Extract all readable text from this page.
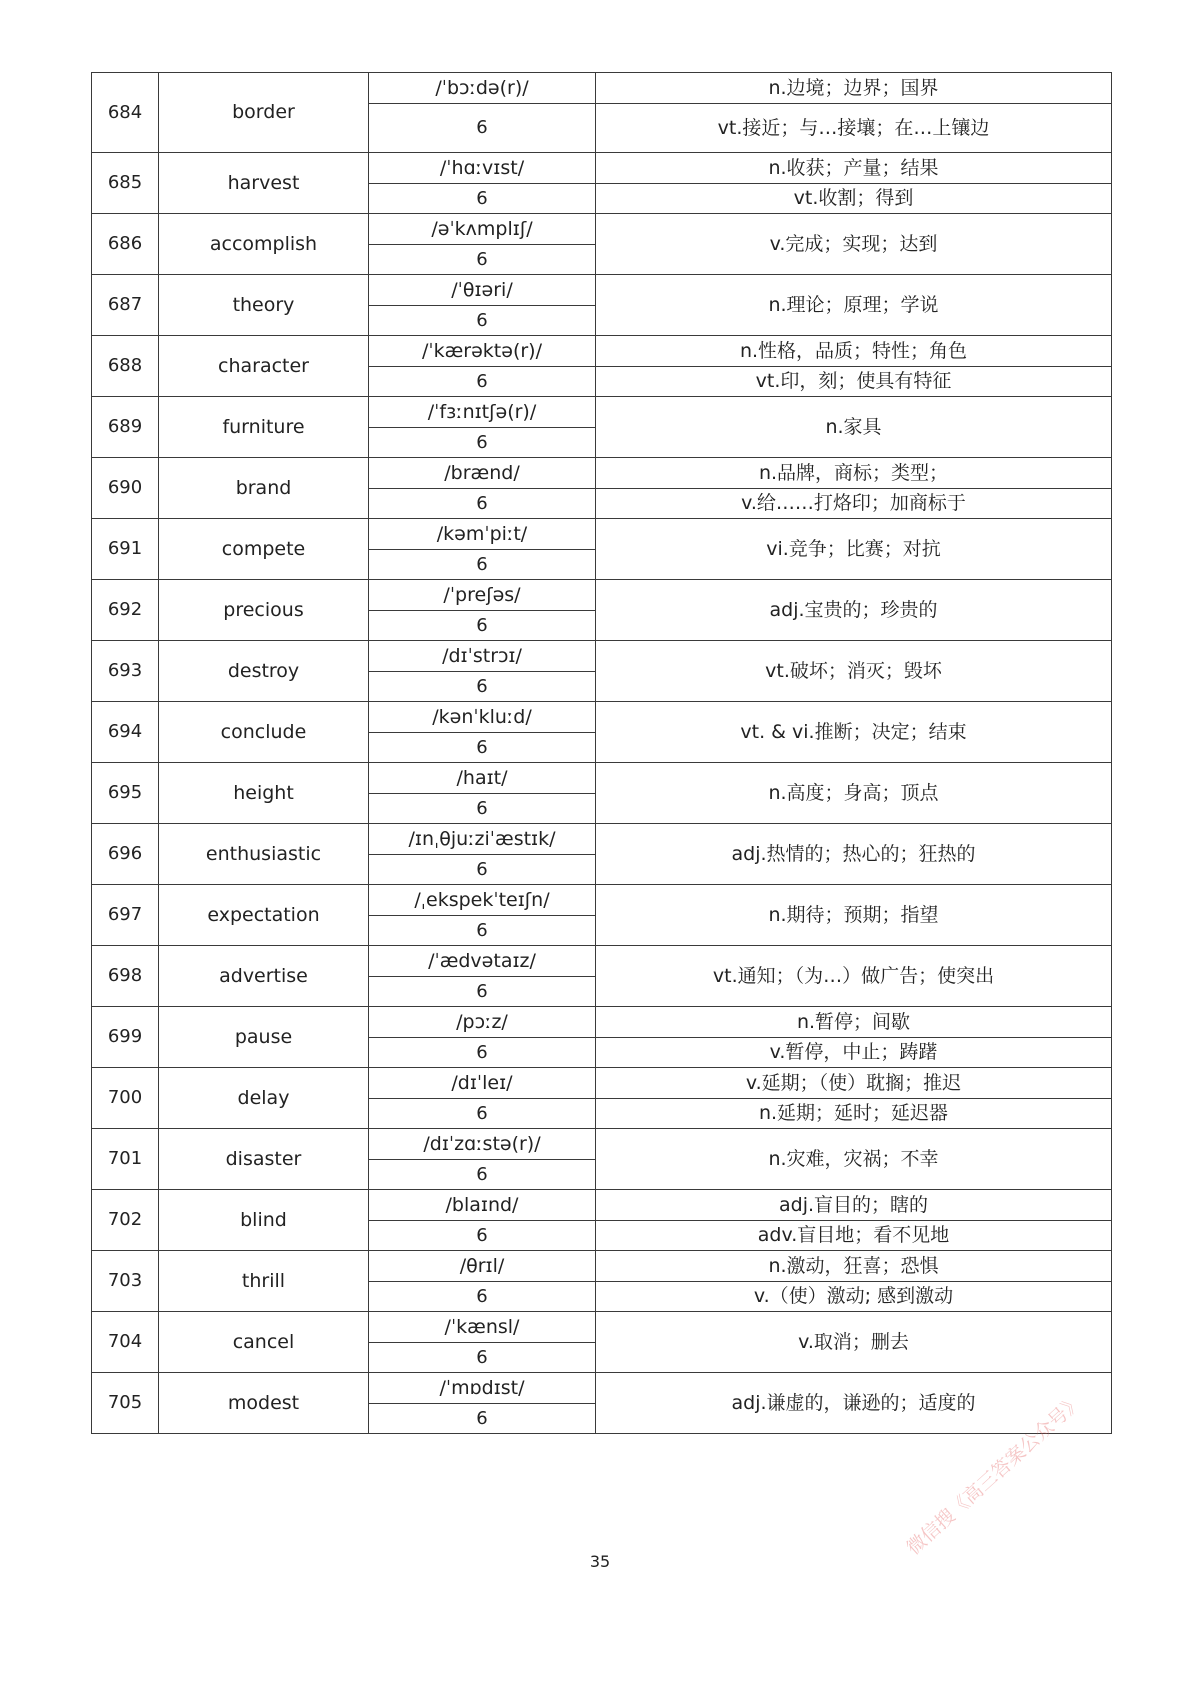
684	border	/ˈbɔːdə(r)/	n.边境；边界；国界
		6	vt.接近；与…接壤；在…上镶边
685	harvest	/ˈhɑːvɪst/	n.收获；产量；结果
		6	vt.收割；得到
686	accomplish	/əˈkʌmplɪʃ/	v.完成；实现；达到
		6	
687	theory	/ˈθɪəri/	n.理论；原理；学说
		6	
688	character	/ˈkærəktə(r)/	n.性格，品质；特性；角色
		6	vt.印，刻；使具有特征
689	furniture	/ˈfɜːnɪtʃə(r)/	n.家具
		6	
690	brand	/brænd/	n.品牌，商标；类型；
		6	v.给……打烙印；加商标于
691	compete	/kəmˈpiːt/	vi.竞争；比赛；对抗
		6	
692	precious	/ˈpreʃəs/	adj.宝贵的；珍贵的
		6	
693	destroy	/dɪˈstrɔɪ/	vt.破坏；消灭；毁坏
		6	
694	conclude	/kənˈkluːd/	vt. & vi.推断；决定；结束
		6	
695	height	/haɪt/	n.高度；身高；顶点
		6	
696	enthusiastic	/ɪnˌθjuːziˈæstɪk/	adj.热情的；热心的；狂热的
		6	
697	expectation	/ˌekspekˈteɪʃn/	n.期待；预期；指望
		6	
698	advertise	/ˈædvətaɪz/	vt.通知；（为…）做广告；使突出
		6	
699	pause	/pɔːz/	n.暂停；间歇
		6	v.暂停，中止；踌躇
700	delay	/dɪˈleɪ/	v.延期；（使）耽搁；推迟
		6	n.延期；延时；延迟器
701	disaster	/dɪˈzɑːstə(r)/	n.灾难，灾祸；不幸
		6	
702	blind	/blaɪnd/	adj.盲目的；瞎的
		6	adv.盲目地；看不见地
703	thrill	/θrɪl/	n.激动，狂喜；恐惧
		6	v.（使）激动; 感到激动
704	cancel	/ˈkænsl/	v.取消；删去
		6	
705	modest	/ˈmɒdɪst/	adj.谦虚的，谦逊的；适度的
		6	
35
微信搜《高三答案公众号》
